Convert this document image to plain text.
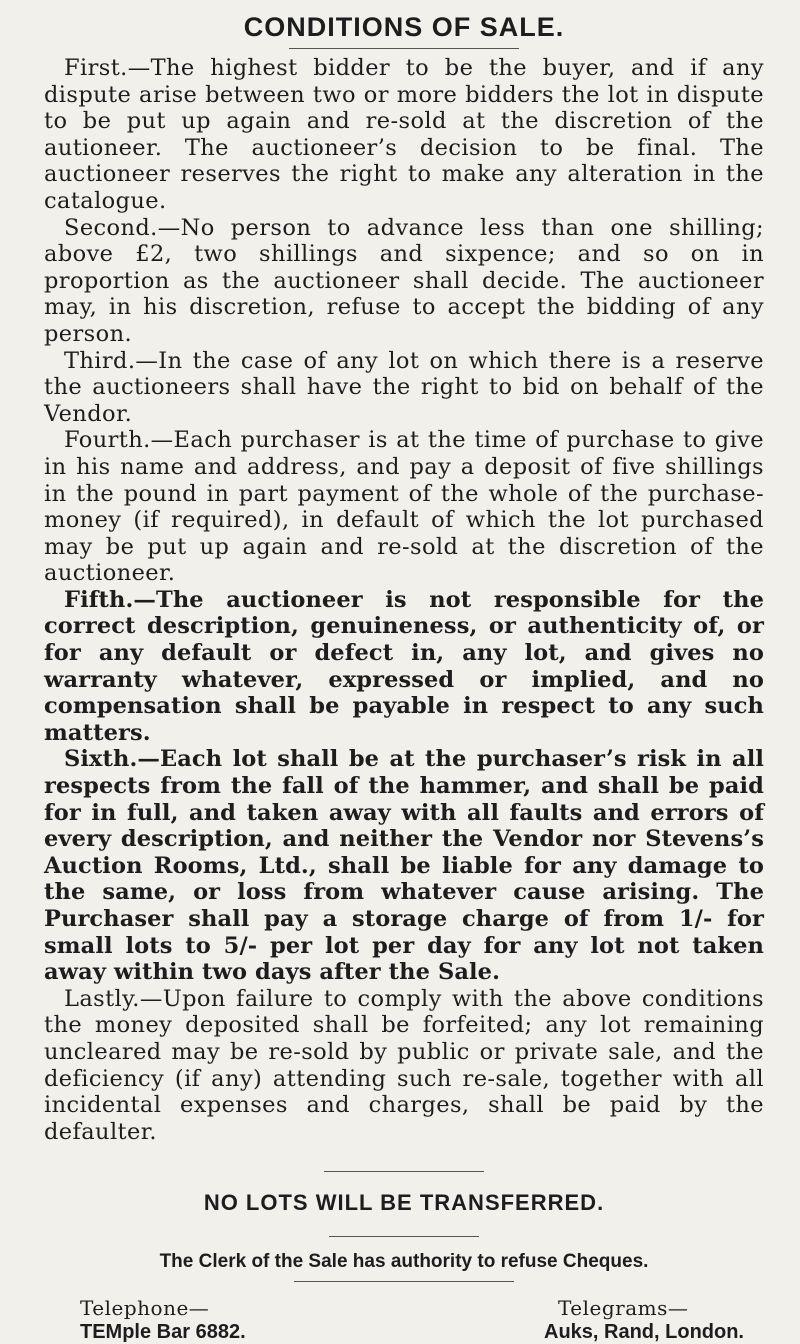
CONDITIONS OF SALE.

First.—The highest bidder to be the buyer, and if any dispute arise between two or more bidders the lot in dispute to be put up again and re-sold at the discretion of the autioneer. The auctioneer’s decision to be final. The auctioneer reserves the right to make any alteration in the catalogue.

Second.—No person to advance less than one shilling; above £2, two shillings and sixpence; and so on in proportion as the auctioneer shall decide. The auctioneer may, in his discretion, refuse to accept the bidding of any person.

Third.—In the case of any lot on which there is a reserve the auctioneers shall have the right to bid on behalf of the Vendor.

Fourth.—Each purchaser is at the time of purchase to give in his name and address, and pay a deposit of five shillings in the pound in part payment of the whole of the purchase-money (if required), in default of which the lot purchased may be put up again and re-sold at the discretion of the auctioneer.

Fifth.—The auctioneer is not responsible for the correct description, genuineness, or authenticity of, or for any default or defect in, any lot, and gives no warranty whatever, expressed or implied, and no compensation shall be payable in respect to any such matters.

Sixth.—Each lot shall be at the purchaser’s risk in all respects from the fall of the hammer, and shall be paid for in full, and taken away with all faults and errors of every description, and neither the Vendor nor Stevens’s Auction Rooms, Ltd., shall be liable for any damage to the same, or loss from whatever cause arising. The Purchaser shall pay a storage charge of from 1/- for small lots to 5/- per lot per day for any lot not taken away within two days after the Sale.

Lastly.—Upon failure to comply with the above conditions the money deposited shall be forfeited; any lot remaining uncleared may be re-sold by public or private sale, and the deficiency (if any) attending such re-sale, together with all incidental expenses and charges, shall be paid by the defaulter.

NO LOTS WILL BE TRANSFERRED.

The Clerk of the Sale has authority to refuse Cheques.

Telephone—
TEMple Bar 6882.
Telegrams—
Auks, Rand, London.
